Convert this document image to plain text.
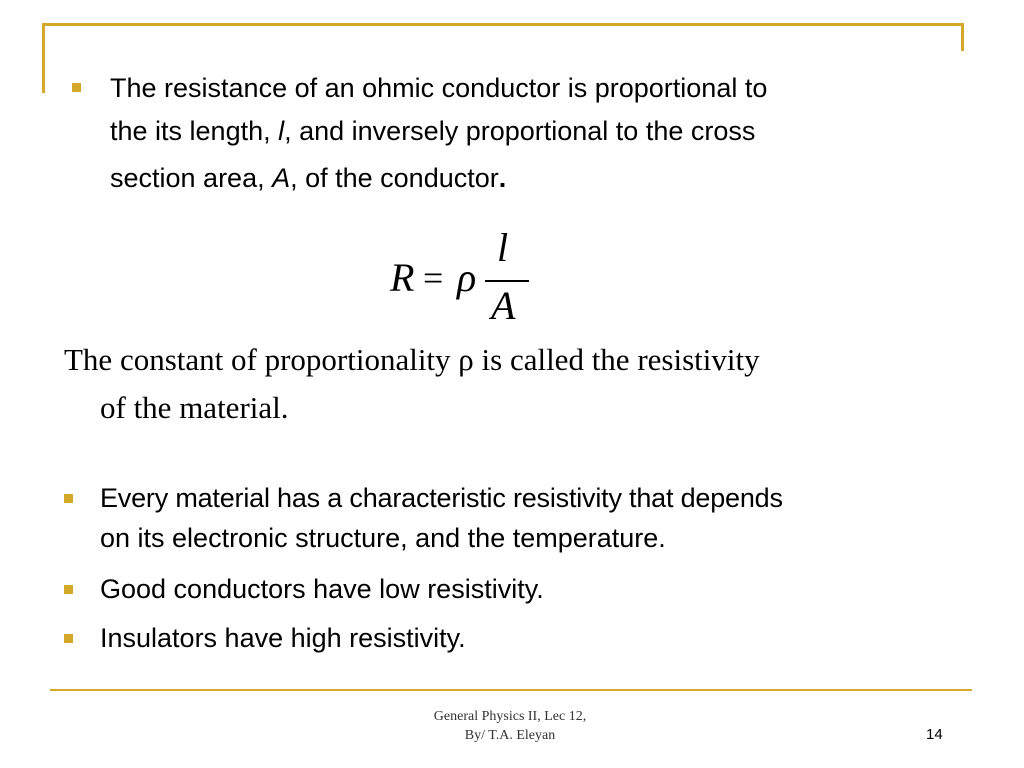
The resistance of an ohmic conductor is proportional to

the its length, l, and inversely proportional to the cross

section area, A, of the conductor.

R = ρ
l
A

The constant of proportionality ρ is called the resistivity

of the material.

Every material has a characteristic resistivity that depends

on its electronic structure, and the temperature.

Good conductors have low resistivity.

Insulators have high resistivity.

General Physics II, Lec 12,
By/ T.A. Eleyan	14
